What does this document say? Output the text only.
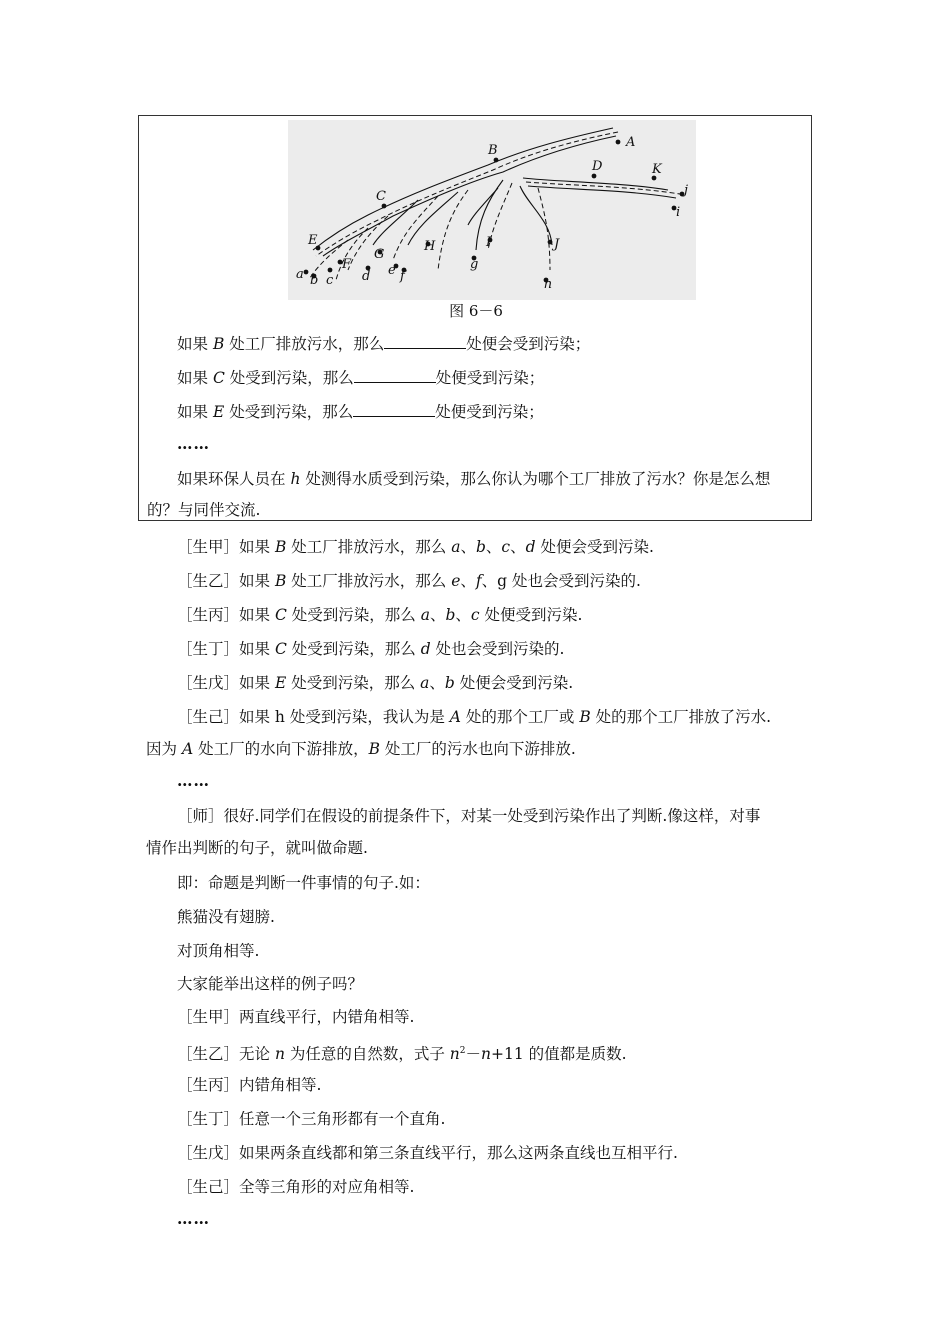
A
B
C
D
E
F
G
H	I	J
K
a b c d e f
g
h
i
j
图 6－6
如果 B 处工厂排放污水，那么	处便会受到污染；
如果 C 处受到污染，那么	处便受到污染；
如果 E 处受到污染，那么	处便受到污染；
……
如果环保人员在 h 处测得水质受到污染，那么你认为哪个工厂排放了污水？你是怎么想的？与同伴交流.
［生甲］如果 B 处工厂排放污水，那么 a、b、c、d 处便会受到污染.
［生乙］如果 B 处工厂排放污水，那么 e、f、g 处也会受到污染的.
［生丙］如果 C 处受到污染，那么 a、b、c 处便受到污染.
［生丁］如果 C 处受到污染，那么 d 处也会受到污染的.
［生戊］如果 E 处受到污染，那么 a、b 处便会受到污染.
［生己］如果 h 处受到污染，我认为是 A 处的那个工厂或 B 处的那个工厂排放了污水.
因为 A 处工厂的水向下游排放，B 处工厂的污水也向下游排放.
……
［师］很好.同学们在假设的前提条件下，对某一处受到污染作出了判断.像这样，对事
情作出判断的句子，就叫做命题.
即：命题是判断一件事情的句子.如：
熊猫没有翅膀.
对顶角相等.
大家能举出这样的例子吗？
［生甲］两直线平行，内错角相等.
［生乙］无论 n 为任意的自然数，式子 $n^2-n+11$ 的值都是质数.
［生丙］内错角相等.
［生丁］任意一个三角形都有一个直角.
［生戊］如果两条直线都和第三条直线平行，那么这两条直线也互相平行.
［生己］全等三角形的对应角相等.
……
